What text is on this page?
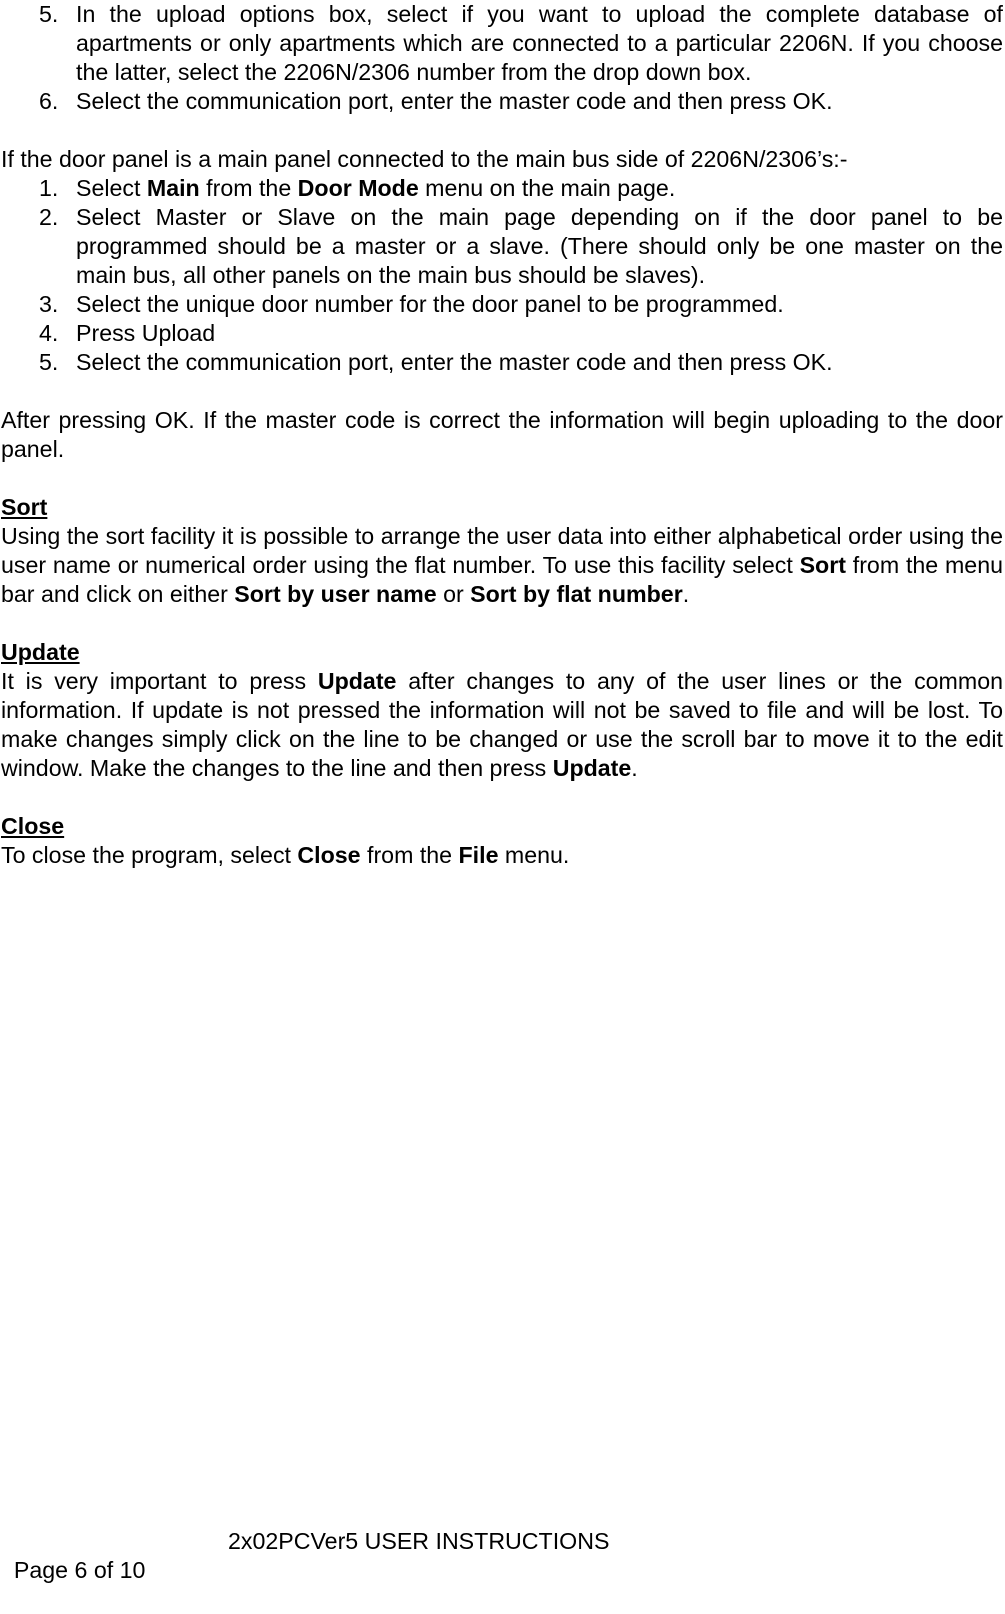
5. In the upload options box, select if you want to upload the complete database of apartments or only apartments which are connected to a particular 2206N. If you choose the latter, select the 2206N/2306 number from the drop down box.
6. Select the communication port, enter the master code and then press OK.

If the door panel is a main panel connected to the main bus side of 2206N/2306’s:-

1. Select Main from the Door Mode menu on the main page.
2. Select Master or Slave on the main page depending on if the door panel to be programmed should be a master or a slave. (There should only be one master on the main bus, all other panels on the main bus should be slaves).
3. Select the unique door number for the door panel to be programmed.
4. Press Upload
5. Select the communication port, enter the master code and then press OK.

After pressing OK. If the master code is correct the information will begin uploading to the door panel.

Sort

Using the sort facility it is possible to arrange the user data into either alphabetical order using the user name or numerical order using the flat number. To use this facility select Sort from the menu bar and click on either Sort by user name or Sort by flat number.

Update

It is very important to press Update after changes to any of the user lines or the common information. If update is not pressed the information will not be saved to file and will be lost. To make changes simply click on the line to be changed or use the scroll bar to move it to the edit window. Make the changes to the line and then press Update.

Close

To close the program, select Close from the File menu.

Page 6 of 10

2x02PCVer5 USER INSTRUCTIONS
